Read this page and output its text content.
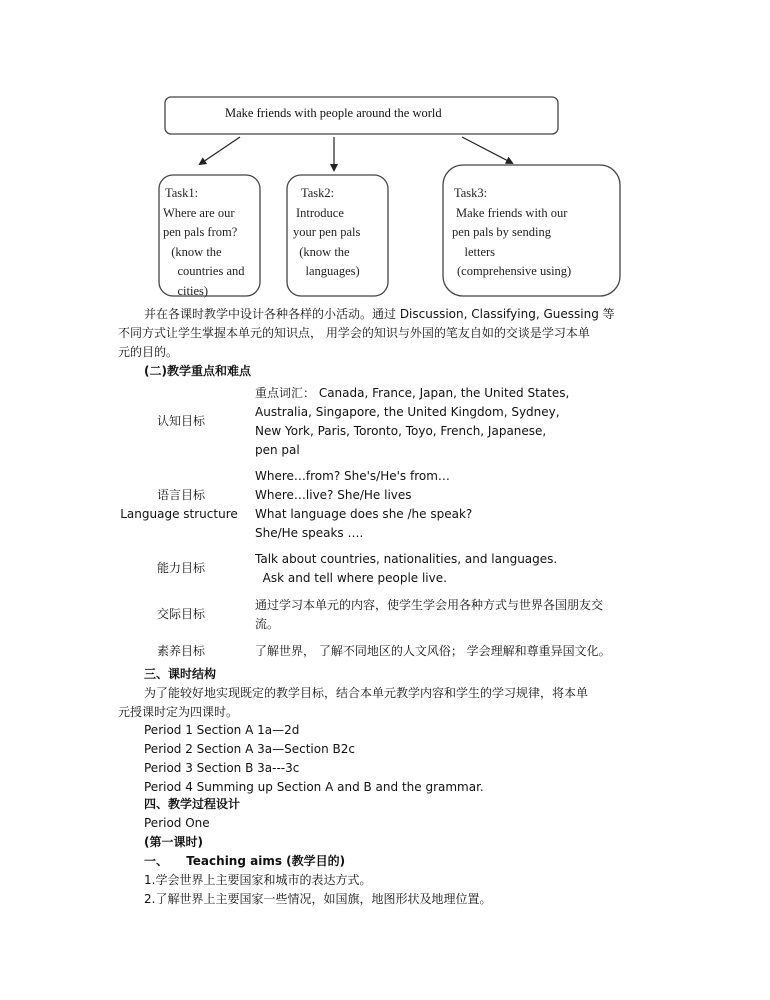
Make friends with people around the world
Task1:
Where are our
pen pals from?
(know the
countries and
cities)
Task2:
Introduce
your pen pals
(know the
languages)
Task3:
Make friends with our
pen pals by sending
letters
(comprehensive using)
并在各课时教学中设计各种各样的小活动。通过 Discussion, Classifying, Guessing 等
不同方式让学生掌握本单元的知识点， 用学会的知识与外国的笔友自如的交谈是学习本单
元的目的。
(二)教学重点和难点
认知目标
重点词汇： Canada, France, Japan, the United States,
Australia, Singapore, the United Kingdom, Sydney,
New York, Paris, Toronto, Toyo, French, Japanese,
pen pal
语言目标
Language structure
Where…from? She's/He's from…
Where…live? She/He lives
What language does she /he speak?
She/He speaks ….
能力目标
Talk about countries, nationalities, and languages.
Ask and tell where people live.
交际目标
通过学习本单元的内容，使学生学会用各种方式与世界各国朋友交
流。
素养目标	了解世界， 了解不同地区的人文风俗； 学会理解和尊重异国文化。
三、课时结构
为了能较好地实现既定的教学目标，结合本单元教学内容和学生的学习规律，将本单
元授课时定为四课时。
Period 1 Section A 1a—2d
Period 2 Section A 3a—Section B2c
Period 3 Section B 3a---3c
Period 4 Summing up Section A and B and the grammar.
四、教学过程设计
Period One
(第一课时)
一、 Teaching aims (教学目的)
1.学会世界上主要国家和城市的表达方式。
2.了解世界上主要国家一些情况，如国旗，地图形状及地理位置。
